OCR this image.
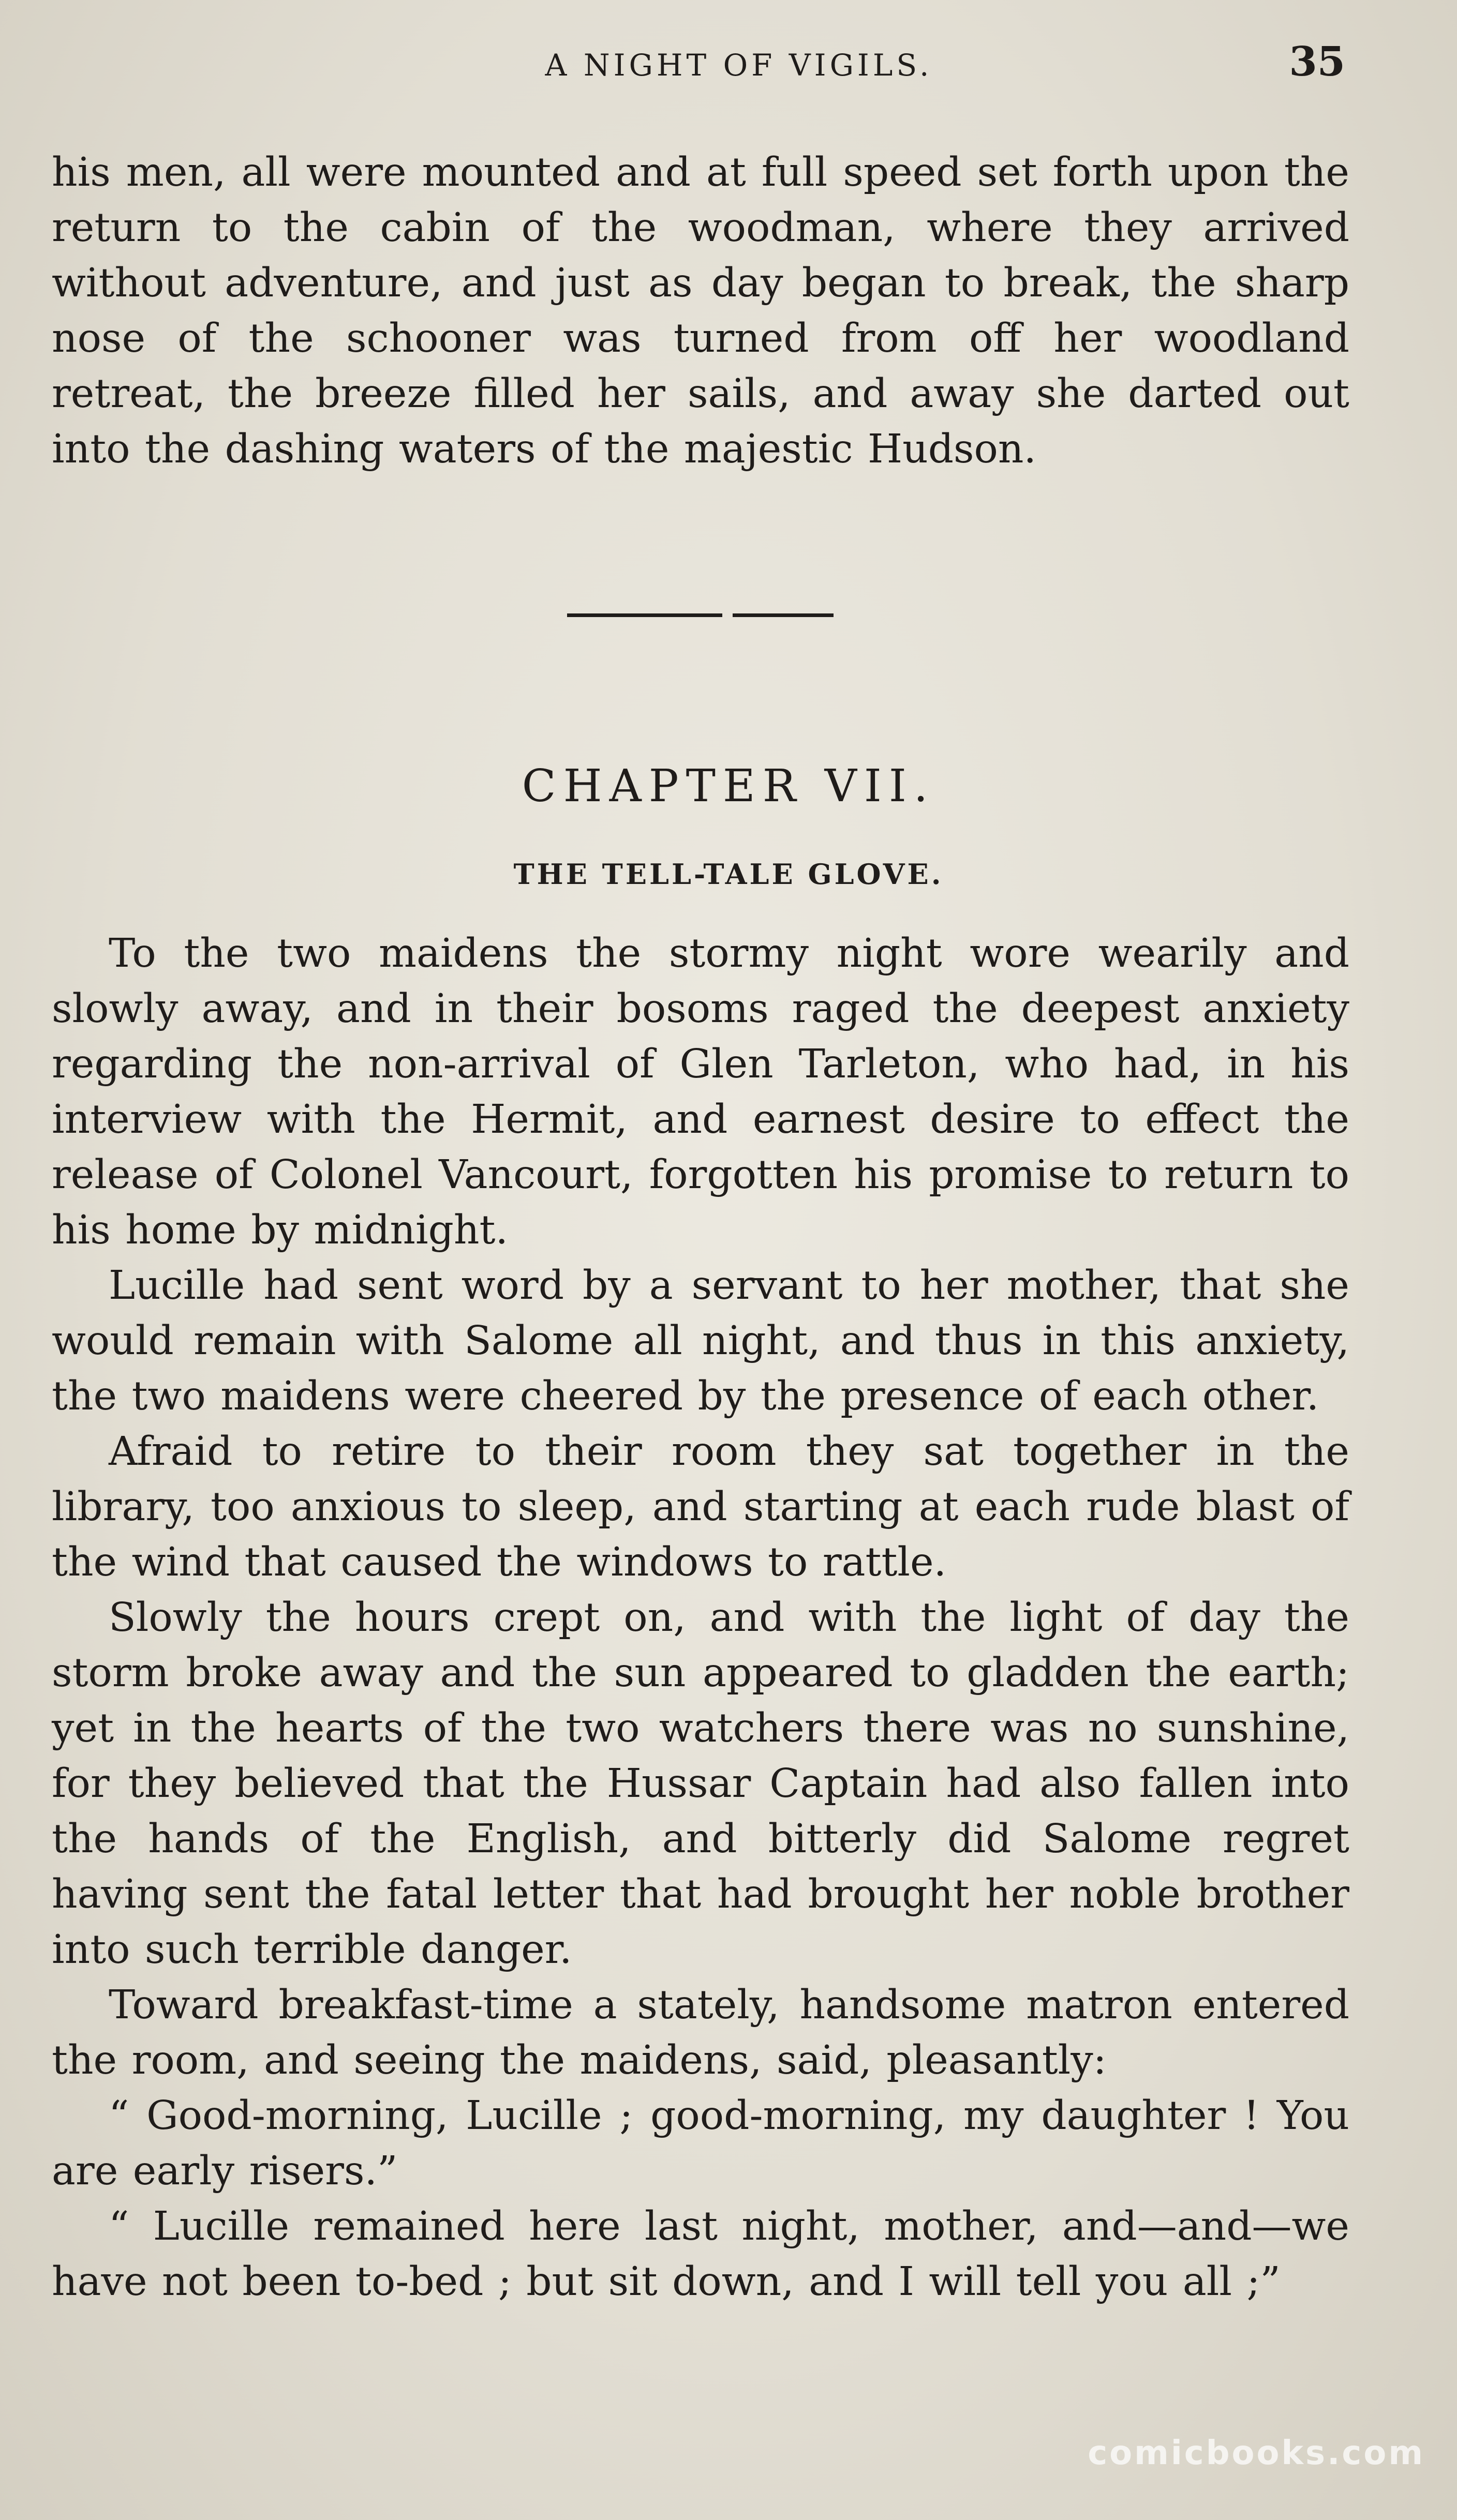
A NIGHT OF VIGILS.	35

his men, all were mounted and at full speed set forth upon the return to the cabin of the woodman, where they arrived without adventure, and just as day began to break, the sharp nose of the schooner was turned from off her woodland retreat, the breeze filled her sails, and away she darted out into the dashing waters of the majestic Hudson.

CHAPTER VII.
THE TELL-TALE GLOVE.

To the two maidens the stormy night wore wearily and slowly away, and in their bosoms raged the deepest anxiety regarding the non-arrival of Glen Tarleton, who had, in his interview with the Hermit, and earnest desire to effect the release of Colonel Vancourt, forgotten his promise to return to his home by midnight.

Lucille had sent word by a servant to her mother, that she would remain with Salome all night, and thus in this anxiety, the two maidens were cheered by the presence of each other.

Afraid to retire to their room they sat together in the library, too anxious to sleep, and starting at each rude blast of the wind that caused the windows to rattle.

Slowly the hours crept on, and with the light of day the storm broke away and the sun appeared to gladden the earth; yet in the hearts of the two watchers there was no sunshine, for they believed that the Hussar Captain had also fallen into the hands of the English, and bitterly did Salome regret having sent the fatal letter that had brought her noble brother into such terrible danger.

Toward breakfast-time a stately, handsome matron entered the room, and seeing the maidens, said, pleasantly:

“ Good-morning, Lucille ; good-morning, my daughter ! You are early risers.”

“ Lucille remained here last night, mother, and—and—we have not been to-bed ; but sit down, and I will tell you all ;”

comicbooks.com
